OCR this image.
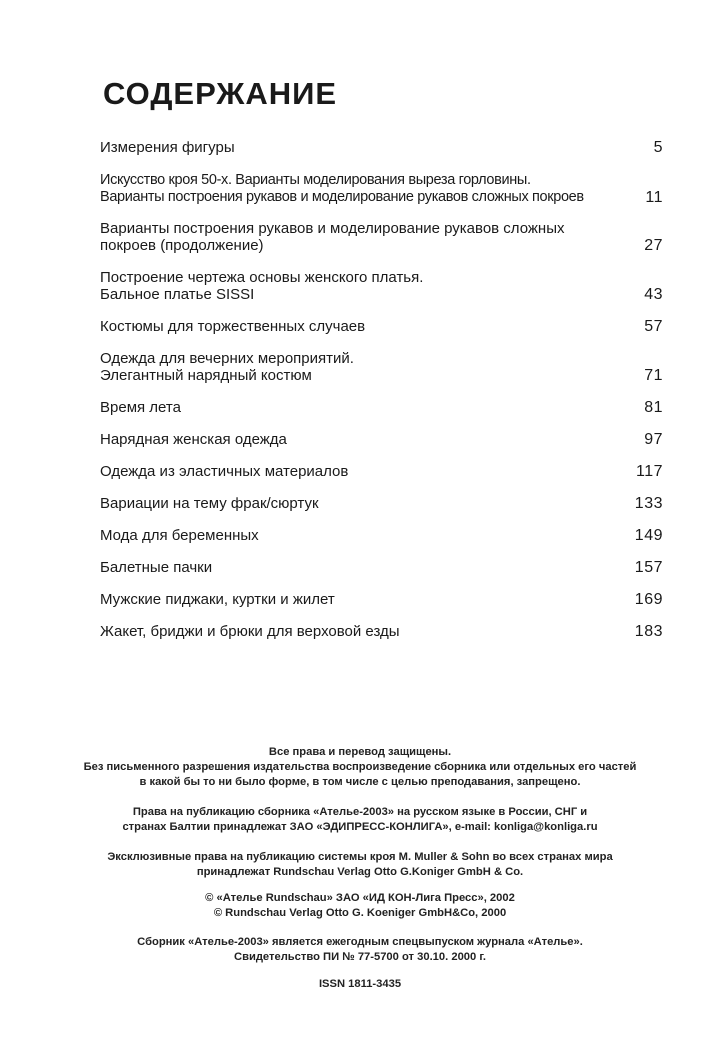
СОДЕРЖАНИЕ
Измерения фигуры	5
Искусство кроя 50-х. Варианты моделирования выреза горловины.
Варианты построения рукавов и моделирование рукавов сложных покроев	11
Варианты построения рукавов и моделирование рукавов сложных
покроев (продолжение)	27
Построение чертежа основы женского платья.
Бальное платье SISSI	43
Костюмы для торжественных случаев	57
Одежда для вечерних мероприятий.
Элегантный нарядный костюм	71
Время лета	81
Нарядная женская одежда	97
Одежда из эластичных материалов	117
Вариации на тему фрак/сюртук	133
Мода для беременных	149
Балетные пачки	157
Мужские пиджаки, куртки и жилет	169
Жакет, бриджи и брюки для верховой езды	183
Все права и перевод защищены.
Без письменного разрешения издательства воспроизведение сборника или отдельных его частей
в какой бы то ни было форме, в том числе с целью преподавания, запрещено.
Права на публикацию сборника «Ателье-2003» на русском языке в России, СНГ и
странах Балтии принадлежат ЗАО «ЭДИПРЕСС-КОНЛИГА», e-mail: konliga@konliga.ru
Эксклюзивные права на публикацию системы кроя M. Muller & Sohn во всех странах мира
принадлежат Rundschau Verlag Otto G.Koniger GmbH & Co.
© «Ателье Rundschau» ЗАО «ИД КОН-Лига Пресс», 2002
© Rundschau Verlag Otto G. Koeniger GmbH&Co, 2000
Сборник «Ателье-2003» является ежегодным спецвыпуском журнала «Ателье».
Свидетельство ПИ № 77-5700 от 30.10. 2000 г.
ISSN 1811-3435
